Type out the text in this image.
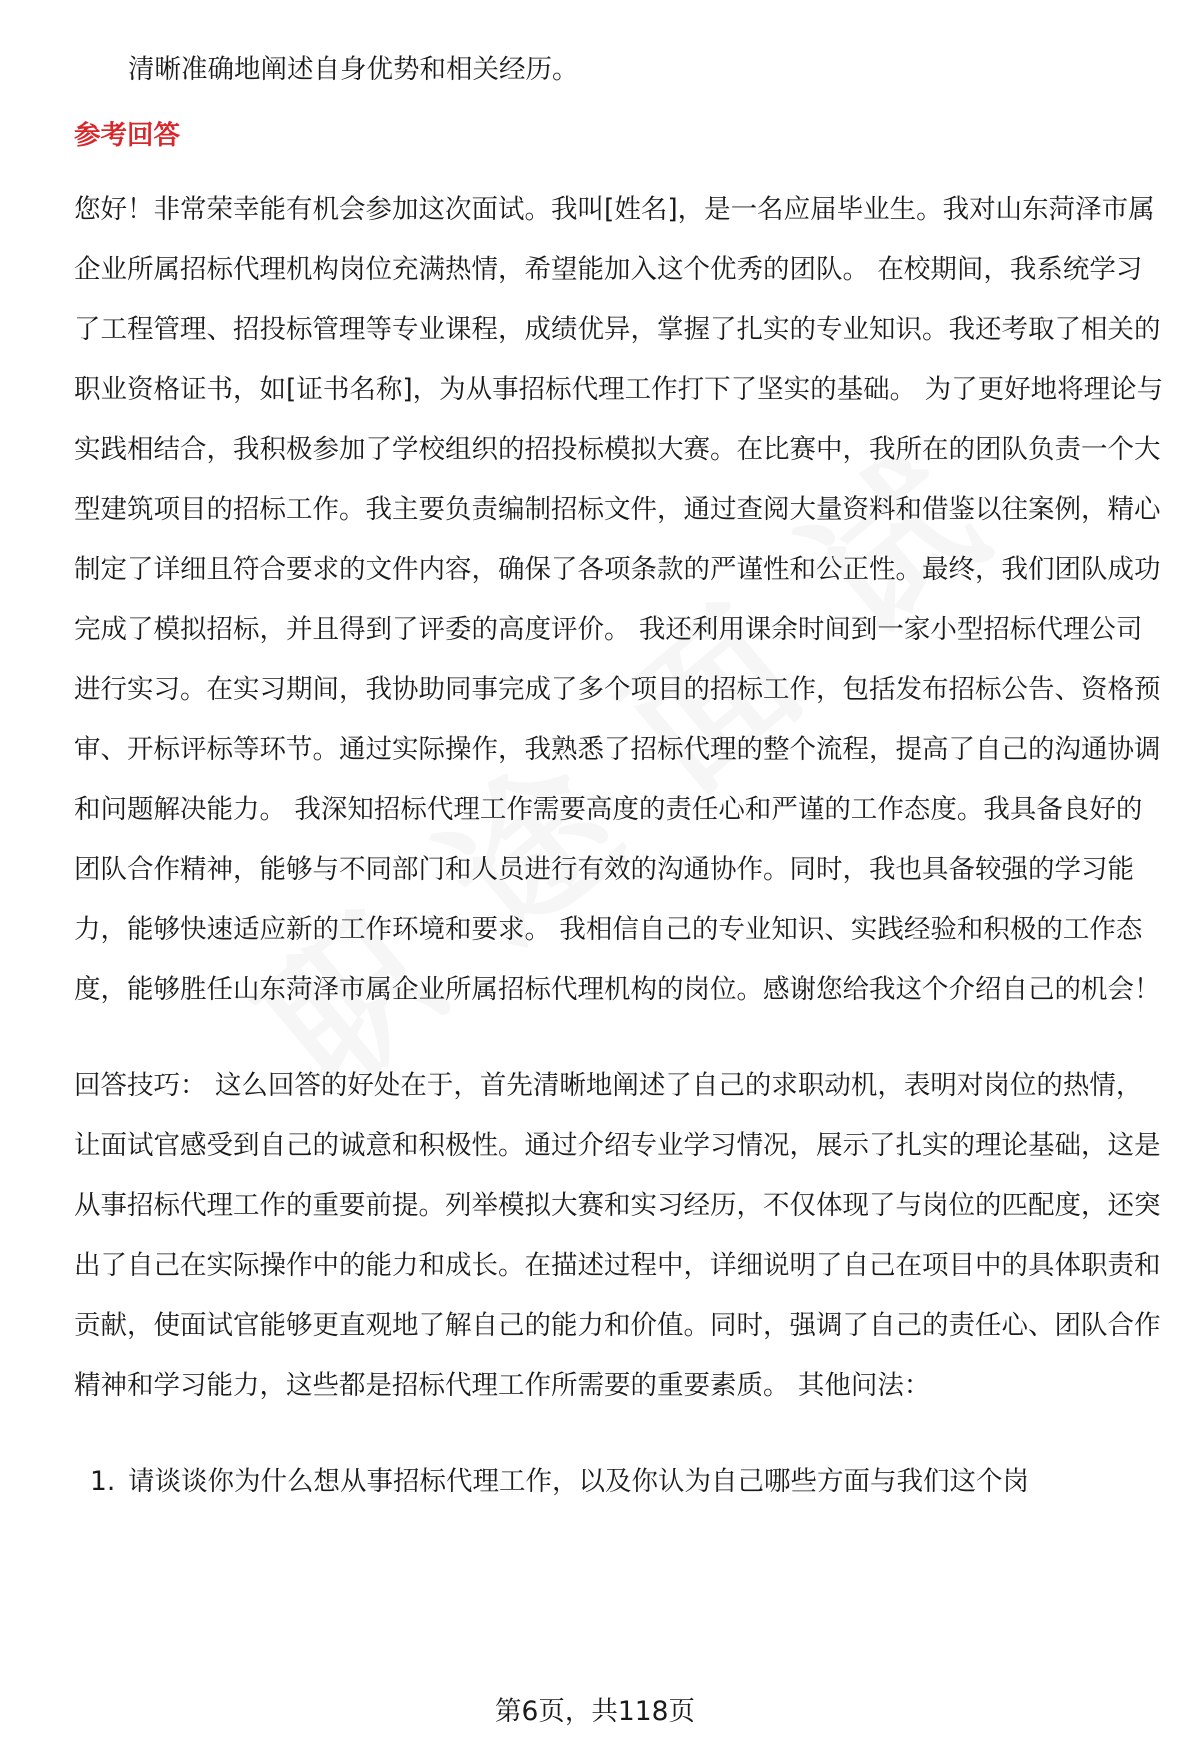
清晰准确地阐述自身优势和相关经历。

参考回答

您好！非常荣幸能有机会参加这次面试。我叫[姓名]，是一名应届毕业生。我对山东菏泽市属企业所属招标代理机构岗位充满热情，希望能加入这个优秀的团队。 在校期间，我系统学习了工程管理、招投标管理等专业课程，成绩优异，掌握了扎实的专业知识。我还考取了相关的职业资格证书，如[证书名称]，为从事招标代理工作打下了坚实的基础。 为了更好地将理论与实践相结合，我积极参加了学校组织的招投标模拟大赛。在比赛中，我所在的团队负责一个大型建筑项目的招标工作。我主要负责编制招标文件，通过查阅大量资料和借鉴以往案例，精心制定了详细且符合要求的文件内容，确保了各项条款的严谨性和公正性。最终，我们团队成功完成了模拟招标，并且得到了评委的高度评价。 我还利用课余时间到一家小型招标代理公司进行实习。在实习期间，我协助同事完成了多个项目的招标工作，包括发布招标公告、资格预审、开标评标等环节。通过实际操作，我熟悉了招标代理的整个流程，提高了自己的沟通协调和问题解决能力。 我深知招标代理工作需要高度的责任心和严谨的工作态度。我具备良好的团队合作精神，能够与不同部门和人员进行有效的沟通协作。同时，我也具备较强的学习能力，能够快速适应新的工作环境和要求。 我相信自己的专业知识、实践经验和积极的工作态度，能够胜任山东菏泽市属企业所属招标代理机构的岗位。感谢您给我这个介绍自己的机会！

回答技巧： 这么回答的好处在于，首先清晰地阐述了自己的求职动机，表明对岗位的热情，让面试官感受到自己的诚意和积极性。通过介绍专业学习情况，展示了扎实的理论基础，这是从事招标代理工作的重要前提。列举模拟大赛和实习经历，不仅体现了与岗位的匹配度，还突出了自己在实际操作中的能力和成长。在描述过程中，详细说明了自己在项目中的具体职责和贡献，使面试官能够更直观地了解自己的能力和价值。同时，强调了自己的责任心、团队合作精神和学习能力，这些都是招标代理工作所需要的重要素质。 其他问法：

1. 请谈谈你为什么想从事招标代理工作，以及你认为自己哪些方面与我们这个岗
第6页，共118页
